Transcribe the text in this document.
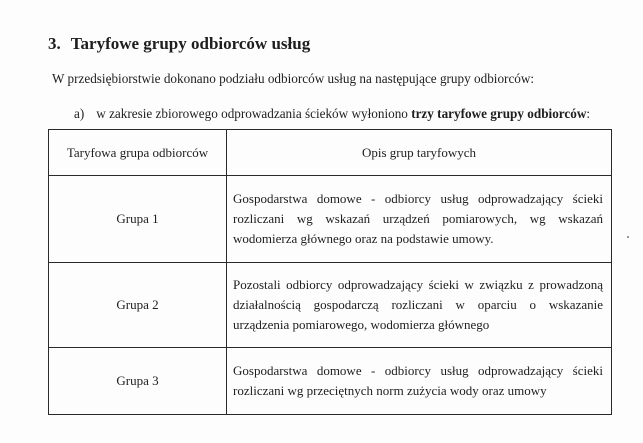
3. Taryfowe grupy odbiorców usług
W przedsiębiorstwie dokonano podziału odbiorców usług na następujące grupy odbiorców:
a) w zakresie zbiorowego odprowadzania ścieków wyłoniono trzy taryfowe grupy odbiorców:
Taryfowa grupa odbiorców	Opis grup taryfowych
Grupa 1	Gospodarstwa domowe - odbiorcy usług odprowadzający ścieki rozliczani wg wskazań urządzeń pomiarowych, wg wskazań wodomierza głównego oraz na podstawie umowy.
Grupa 2	Pozostali odbiorcy odprowadzający ścieki w związku z prowadzoną działalnością gospodarczą rozliczani w oparciu o wskazanie urządzenia pomiarowego, wodomierza głównego
Grupa 3	Gospodarstwa domowe - odbiorcy usług odprowadzający ścieki rozliczani wg przeciętnych norm zużycia wody oraz umowy
